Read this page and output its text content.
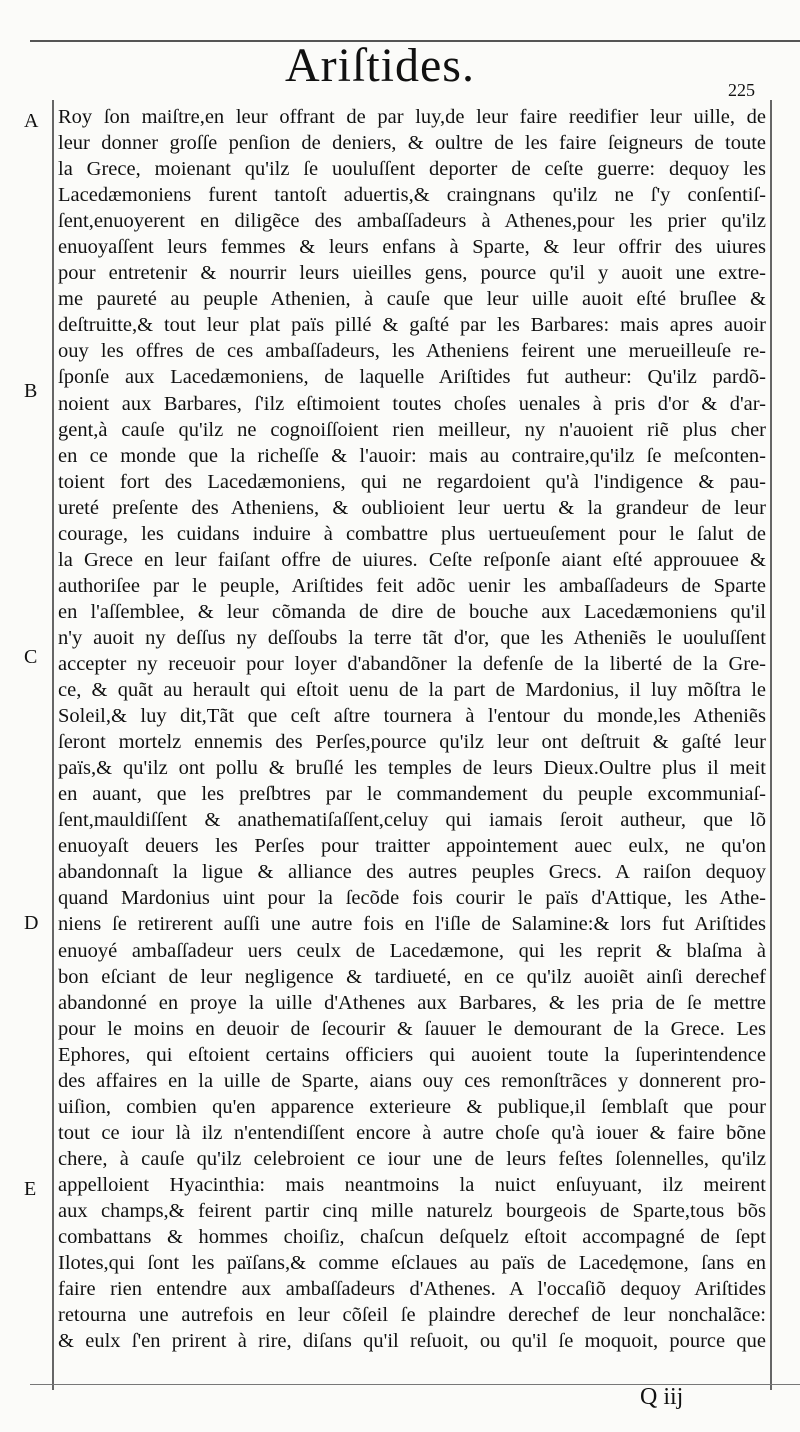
Ariſtides.	225
A
B
C
D
E
Roy ſon maiſtre,en leur offrant de par luy,de leur faire reedifier leur uille, de
leur donner groſſe penſion de deniers, & oultre de les faire ſeigneurs de toute
la Grece, moienant qu'ilz ſe uouluſſent deporter de ceſte guerre: dequoy les
Lacedæmoniens furent tantoſt aduertis,& craingnans qu'ilz ne ſ'y conſentiſ-
ſent,enuoyerent en diligẽce des ambaſſadeurs à Athenes,pour les prier qu'ilz
enuoyaſſent leurs femmes & leurs enfans à Sparte, & leur offrir des uiures
pour entretenir & nourrir leurs uieilles gens, pource qu'il y auoit une extre-
me paureté au peuple Athenien, à cauſe que leur uille auoit eſté bruſlee &
deſtruitte,& tout leur plat païs pillé & gaſté par les Barbares: mais apres auoir
ouy les offres de ces ambaſſadeurs, les Atheniens feirent une merueilleuſe re-
ſponſe aux Lacedæmoniens, de laquelle Ariſtides fut autheur: Qu'ilz pardõ-
noient aux Barbares, ſ'ilz eſtimoient toutes choſes uenales à pris d'or & d'ar-
gent,à cauſe qu'ilz ne cognoiſſoient rien meilleur, ny n'auoient riẽ plus cher
en ce monde que la richeſſe & l'auoir: mais au contraire,qu'ilz ſe meſconten-
toient fort des Lacedæmoniens, qui ne regardoient qu'à l'indigence & pau-
ureté preſente des Atheniens, & oublioient leur uertu & la grandeur de leur
courage, les cuidans induire à combattre plus uertueuſement pour le ſalut de
la Grece en leur faiſant offre de uiures. Ceſte reſponſe aiant eſté approuuee &
authoriſee par le peuple, Ariſtides feit adõc uenir les ambaſſadeurs de Sparte
en l'aſſemblee, & leur cõmanda de dire de bouche aux Lacedæmoniens qu'il
n'y auoit ny deſſus ny deſſoubs la terre tãt d'or, que les Atheniẽs le uouluſſent
accepter ny receuoir pour loyer d'abandõner la defenſe de la liberté de la Gre-
ce, & quãt au herault qui eſtoit uenu de la part de Mardonius, il luy mõſtra le
Soleil,& luy dit,Tãt que ceſt aſtre tournera à l'entour du monde,les Atheniẽs
ſeront mortelz ennemis des Perſes,pource qu'ilz leur ont deſtruit & gaſté leur
païs,& qu'ilz ont pollu & bruſlé les temples de leurs Dieux.Oultre plus il meit
en auant, que les preſbtres par le commandement du peuple excommuniaſ-
ſent,mauldiſſent & anathematiſaſſent,celuy qui iamais ſeroit autheur, que lõ
enuoyaſt deuers les Perſes pour traitter appointement auec eulx, ne qu'on
abandonnaſt la ligue & alliance des autres peuples Grecs. A raiſon dequoy
quand Mardonius uint pour la ſecõde fois courir le païs d'Attique, les Athe-
niens ſe retirerent auſſi une autre fois en l'iſle de Salamine:& lors fut Ariſtides
enuoyé ambaſſadeur uers ceulx de Lacedæmone, qui les reprit & blaſma à
bon eſciant de leur negligence & tardiueté, en ce qu'ilz auoiẽt ainſi derechef
abandonné en proye la uille d'Athenes aux Barbares, & les pria de ſe mettre
pour le moins en deuoir de ſecourir & ſauuer le demourant de la Grece. Les
Ephores, qui eſtoient certains officiers qui auoient toute la ſuperintendence
des affaires en la uille de Sparte, aians ouy ces remonſtrãces y donnerent pro-
uiſion, combien qu'en apparence exterieure & publique,il ſemblaſt que pour
tout ce iour là ilz n'entendiſſent encore à autre choſe qu'à iouer & faire bõne
chere, à cauſe qu'ilz celebroient ce iour une de leurs feſtes ſolennelles, qu'ilz
appelloient Hyacinthia: mais neantmoins la nuict enſuyuant, ilz meirent
aux champs,& feirent partir cinq mille naturelz bourgeois de Sparte,tous bõs
combattans & hommes choiſiz, chaſcun deſquelz eſtoit accompagné de ſept
Ilotes,qui ſont les païſans,& comme eſclaues au païs de Lacedęmone, ſans en
faire rien entendre aux ambaſſadeurs d'Athenes. A l'occaſiõ dequoy Ariſtides
retourna une autrefois en leur cõſeil ſe plaindre derechef de leur nonchalãce:
& eulx ſ'en prirent à rire, diſans qu'il reſuoit, ou qu'il ſe moquoit, pource que
Q iij
